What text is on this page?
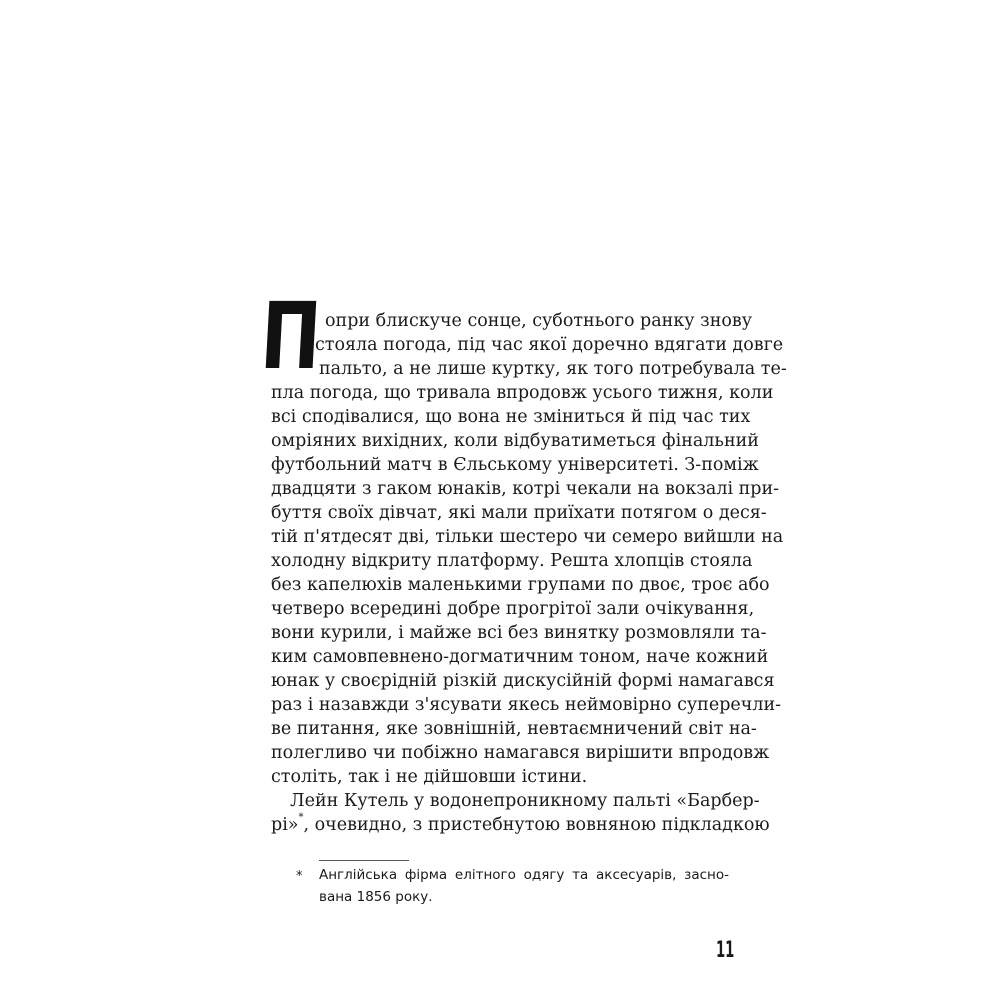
П опри блискуче сонце, суботнього ранку знову

стояла погода, під час якої доречно вдягати довге

пальто, а не лише куртку, як того потребувала те-

пла погода, що тривала впродовж усього тижня, коли

всі сподівалися, що вона не зміниться й під час тих

омріяних вихідних, коли відбуватиметься фінальний

футбольний матч в Єльському університеті. З-поміж

двадцяти з гаком юнаків, котрі чекали на вокзалі при-

буття своїх дівчат, які мали приїхати потягом о деся-

тій п'ятдесят дві, тільки шестеро чи семеро вийшли на

холодну відкриту платформу. Решта хлопців стояла

без капелюхів маленькими групами по двоє, троє або

четверо всередині добре прогрітої зали очікування,

вони курили, і майже всі без винятку розмовляли та-

ким самовпевнено-догматичним тоном, наче кожний

юнак у своєрідній різкій дискусійній формі намагався

раз і назавжди з'ясувати якесь неймовірно суперечли-

ве питання, яке зовнішній, невтаємничений світ на-

полегливо чи побіжно намагався вирішити впродовж

століть, так і не дійшовши істини.

Лейн Кутель у водонепроникному пальті «Барбер-

рі»*, очевидно, з пристебнутою вовняною підкладкою

* Англійська фірма елітного одягу та аксесуарів, засно-

вана 1856 року.

11
